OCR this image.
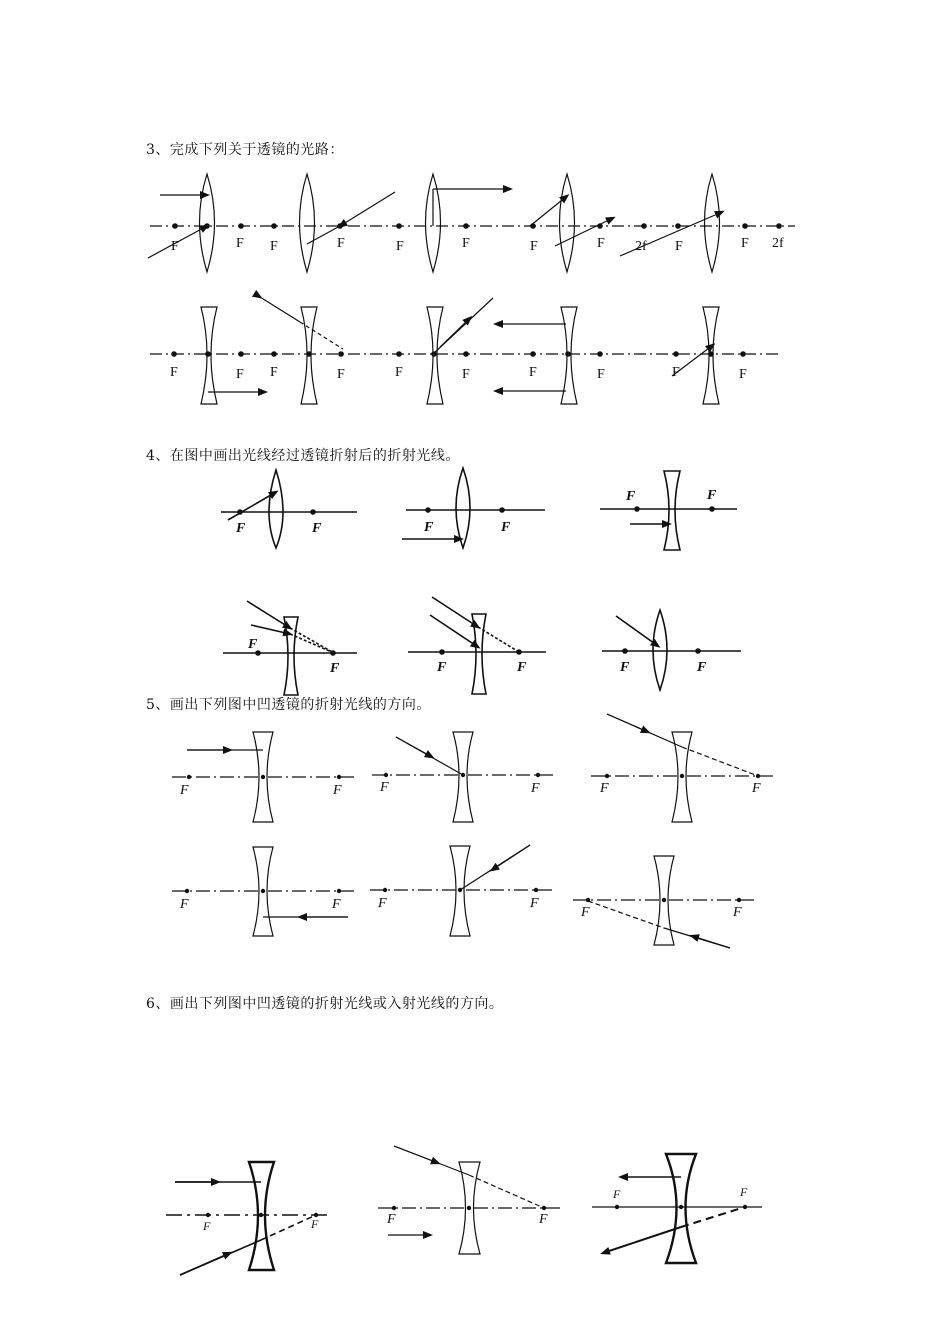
3、完成下列关于透镜的光路：
4、在图中画出光线经过透镜折射后的折射光线。
5、画出下列图中凹透镜的折射光线的方向。
6、画出下列图中凹透镜的折射光线或入射光线的方向。
F	F F	F	F	F	F	F 2f F	F 2f
F	F F	F	F	F	F	F	F	F
F	F	F	F
F	F
F
F	F	F	F	F
F	F	F	F	F	F
F	F	F	F
F	F
F	F	F	F
F	F
